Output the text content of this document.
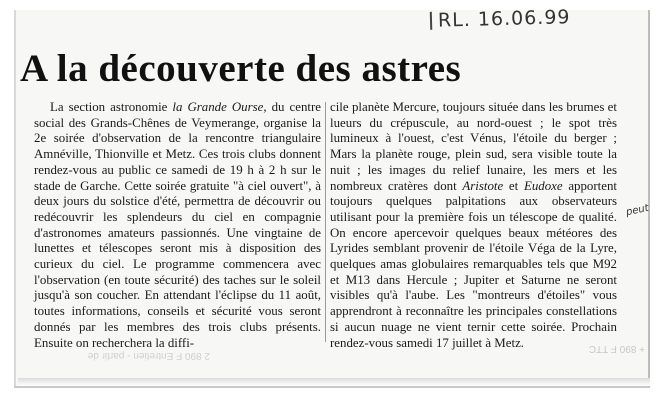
RL. 16.06.99
A la découverte des astres

La section astronomie la Grande Ourse, du centre social des Grands-Chênes de Veymerange, organise la 2e soirée d'observation de la rencontre triangulaire Amnéville, Thionville et Metz. Ces trois clubs donnent rendez-vous au public ce samedi de 19 h à 2 h sur le stade de Garche. Cette soirée gratuite "à ciel ouvert", à deux jours du solstice d'été, permettra de découvrir ou redécouvrir les splendeurs du ciel en compagnie d'astronomes amateurs passionnés. Une vingtaine de lunettes et télescopes seront mis à disposition des curieux du ciel. Le programme commencera avec l'observation (en toute sécurité) des taches sur le soleil jusqu'à son coucher. En attendant l'éclipse du 11 août, toutes informations, conseils et sécurité vous seront donnés par les membres des trois clubs présents. Ensuite on recherchera la diffi-

cile planète Mercure, toujours située dans les brumes et lueurs du crépuscule, au nord-ouest ; le spot très lumineux à l'ouest, c'est Vénus, l'étoile du berger ; Mars la planète rouge, plein sud, sera visible toute la nuit ; les images du relief lunaire, les mers et les nombreux cratères dont Aristote et Eudoxe apportent toujours quelques palpitations aux observateurs utilisant pour la première fois un télescope de qualité. On encore apercevoir quelques beaux météores des Lyrides semblant provenir de l'étoile Véga de la Lyre, quelques amas globulaires remarquables tels que M92 et M13 dans Hercule ; Jupiter et Saturne ne seront visibles qu'à l'aube. Les "montreurs d'étoiles" vous apprendront à reconnaître les principales constellations si aucun nuage ne vient ternir cette soirée. Prochain rendez-vous samedi 17 juillet à Metz.

peut
+ 890 F TTC
2 890 F Entretien - partir de
